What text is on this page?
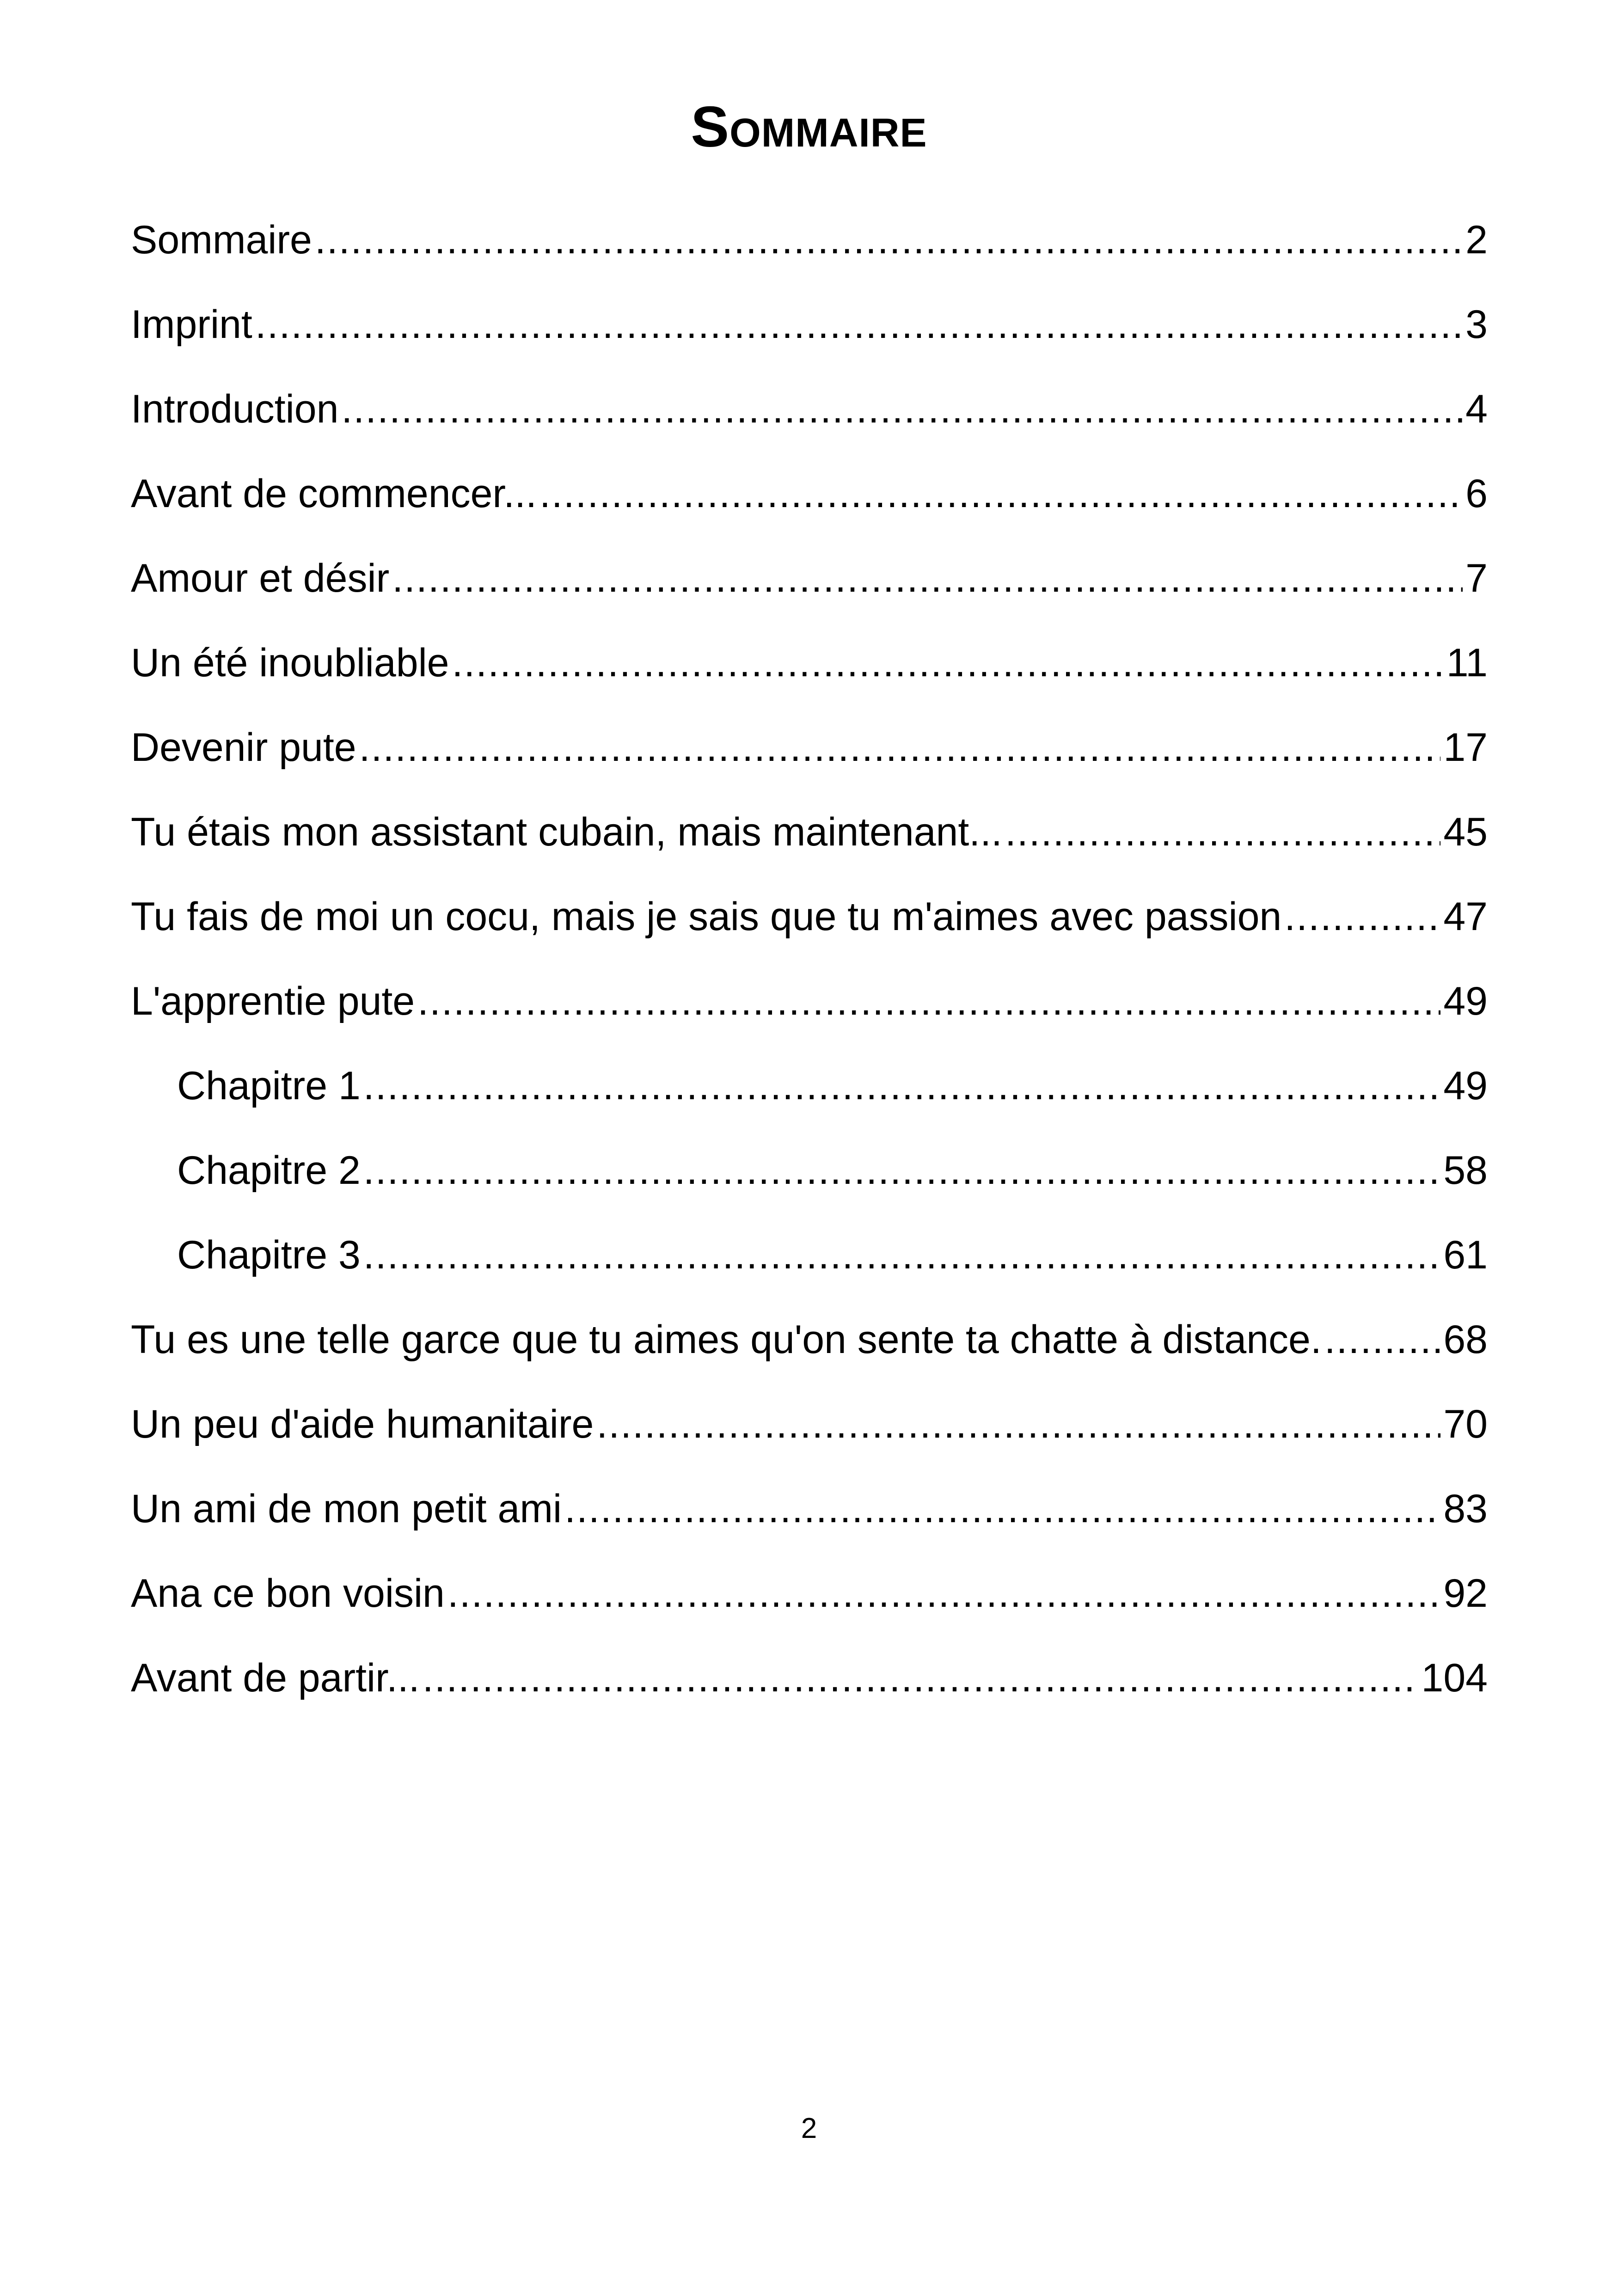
Sommaire
Sommaire .....	2
Imprint .....	3
Introduction .....	4
Avant de commencer... .....	6
Amour et désir .....	7
Un été inoubliable .....	11
Devenir pute .....	17
Tu étais mon assistant cubain, mais maintenant... .....	45
Tu fais de moi un cocu, mais je sais que tu m'aimes avec passion .....	47
L'apprentie pute .....	49
Chapitre 1 .....	49
Chapitre 2 .....	58
Chapitre 3 .....	61
Tu es une telle garce que tu aimes qu'on sente ta chatte à distance. .....	68
Un peu d'aide humanitaire .....	70
Un ami de mon petit ami .....	83
Ana ce bon voisin .....	92
Avant de partir... .....	104
2
